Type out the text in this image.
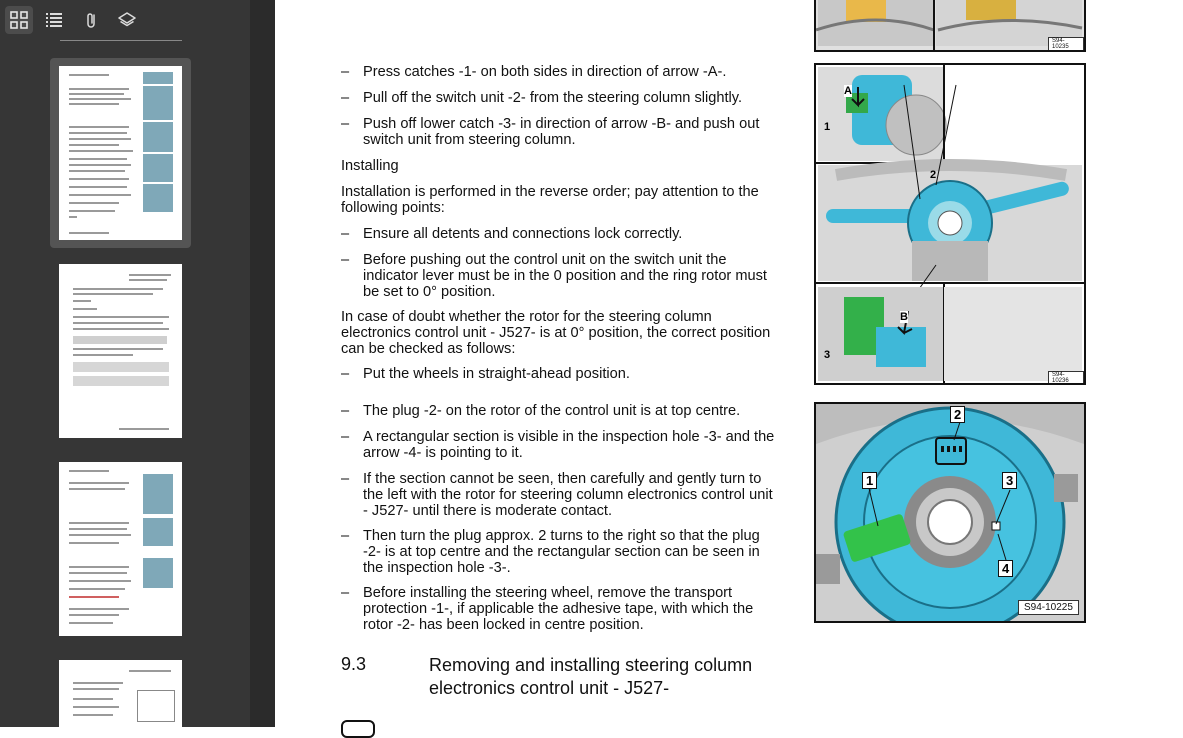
– Press catches -1- on both sides in direction of arrow -A-.
– Pull off the switch unit -2- from the steering column slightly.
– Push off lower catch -3- in direction of arrow -B- and push out switch unit from steering column.
Installing
Installation is performed in the reverse order; pay attention to the following points:
– Ensure all detents and connections lock correctly.
– Before pushing out the control unit on the switch unit the indicator lever must be in the 0 position and the ring rotor must be set to 0° position.
In case of doubt whether the rotor for the steering column electronics control unit - J527- is at 0° position, the correct position can be checked as follows:
– Put the wheels in straight-ahead position.
– The plug -2- on the rotor of the control unit is at top centre.
– A rectangular section is visible in the inspection hole -3- and the arrow -4- is pointing to it.
– If the section cannot be seen, then carefully and gently turn to the left with the rotor for steering column electronics control unit - J527- until there is moderate contact.
– Then turn the plug approx. 2 turns to the right so that the plug -2- is at top centre and the rectangular section can be seen in the inspection hole -3-.
– Before installing the steering wheel, remove the transport protection -1-, if applicable the adhesive tape, with which the rotor -2- has been locked in centre position.
9.3	Removing and installing steering column electronics control unit - J527-
S94-10235
A
1
2
3
B
S94-10236
2
1	3
4
S94-10225
